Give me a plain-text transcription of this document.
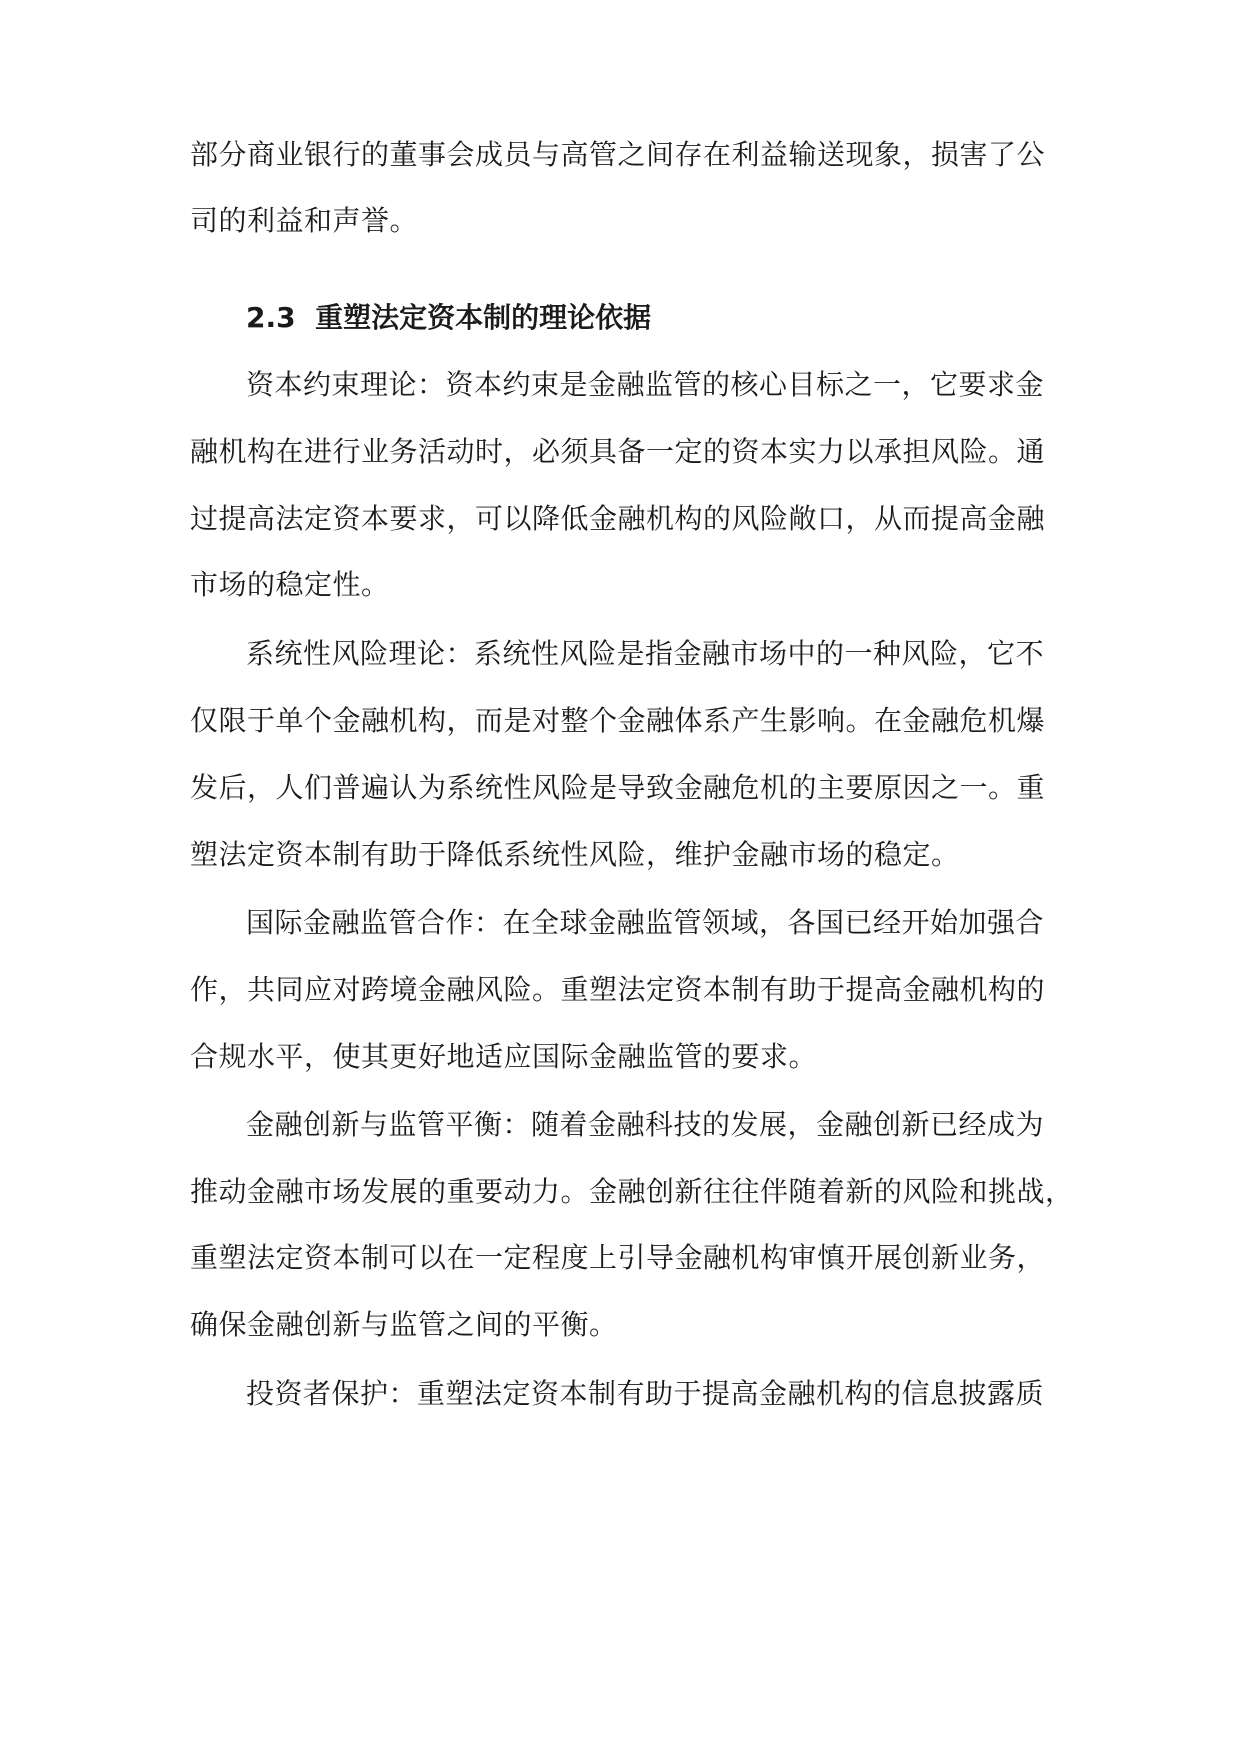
部分商业银行的董事会成员与高管之间存在利益输送现象，损害了公
司的利益和声誉。
2.3 重塑法定资本制的理论依据
资本约束理论：资本约束是金融监管的核心目标之一，它要求金
融机构在进行业务活动时，必须具备一定的资本实力以承担风险。通
过提高法定资本要求，可以降低金融机构的风险敞口，从而提高金融
市场的稳定性。
系统性风险理论：系统性风险是指金融市场中的一种风险，它不
仅限于单个金融机构，而是对整个金融体系产生影响。在金融危机爆
发后，人们普遍认为系统性风险是导致金融危机的主要原因之一。重
塑法定资本制有助于降低系统性风险，维护金融市场的稳定。
国际金融监管合作：在全球金融监管领域，各国已经开始加强合
作，共同应对跨境金融风险。重塑法定资本制有助于提高金融机构的
合规水平，使其更好地适应国际金融监管的要求。
金融创新与监管平衡：随着金融科技的发展，金融创新已经成为
推动金融市场发展的重要动力。金融创新往往伴随着新的风险和挑战，
重塑法定资本制可以在一定程度上引导金融机构审慎开展创新业务，
确保金融创新与监管之间的平衡。
投资者保护：重塑法定资本制有助于提高金融机构的信息披露质
